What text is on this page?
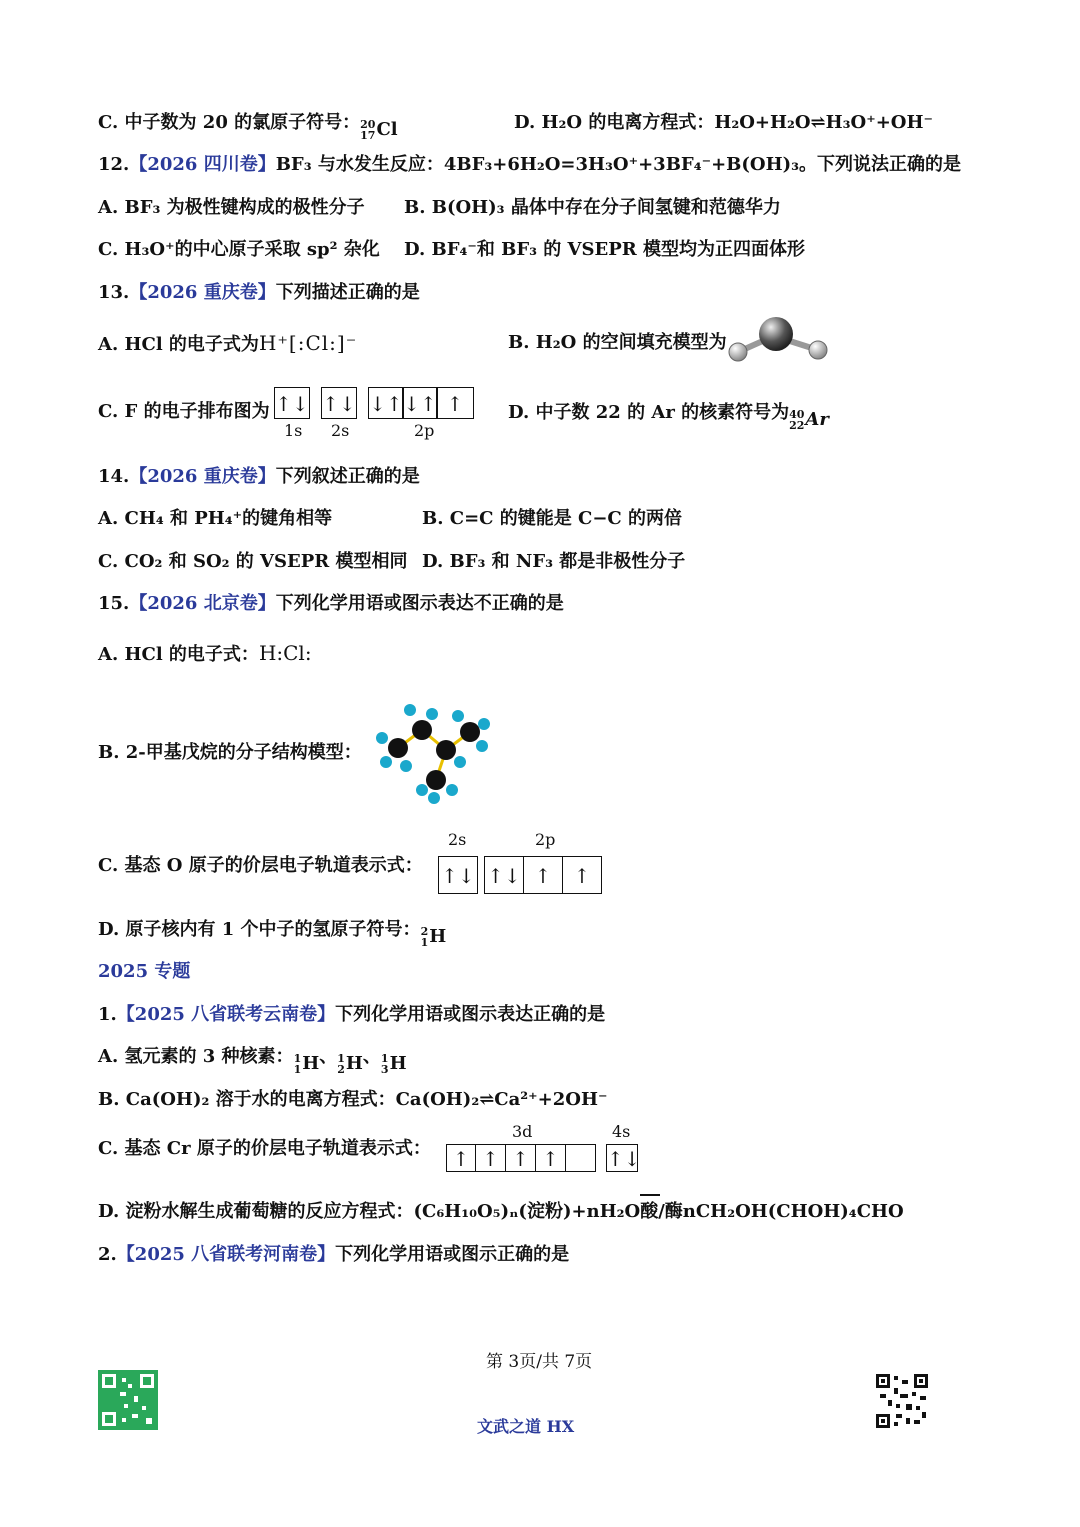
C. 中子数为 20 的氯原子符号： 20
17 Cl	D. H₂O 的电离方程式：H₂O+H₂O⇌H₃O⁺+OH⁻
12.【2026 四川卷】BF₃ 与水发生反应：4BF₃+6H₂O=3H₃O⁺+3BF₄⁻+B(OH)₃。下列说法正确的是
A. BF₃ 为极性键构成的极性分子 B. B(OH)₃ 晶体中存在分子间氢键和范德华力
C. H₃O⁺的中心原子采取 sp² 杂化 D. BF₄⁻和 BF₃ 的 VSEPR 模型均为正四面体形
13.【2026 重庆卷】下列描述正确的是
A. HCl 的电子式为H⁺[:Cl:]⁻	B. H₂O 的空间填充模型为
C. F 的电子排布图为 ↑↓ ↑↓ ↓↑ ↓↑ ↑
1s 2s	2p
D. 中子数 22 的 Ar 的核素符号为 40
22 Ar
14.【2026 重庆卷】下列叙述正确的是
A. CH₄ 和 PH₄⁺的键角相等	B. C=C 的键能是 C−C 的两倍
C. CO₂ 和 SO₂ 的 VSEPR 模型相同 D. BF₃ 和 NF₃ 都是非极性分子
15.【2026 北京卷】下列化学用语或图示表达不正确的是
A. HCl 的电子式：H:Cl:
B. 2-甲基戊烷的分子结构模型：
C. 基态 O 原子的价层电子轨道表示式：
2s	2p
↑↓ ↑↓ ↑	↑
D. 原子核内有 1 个中子的氢原子符号： 2
1 H
2025 专题
1.【2025 八省联考云南卷】下列化学用语或图示表达正确的是
A. 氢元素的 3 种核素： 1
1 H 、 1
2 H 、 1
3 H
B. Ca(OH)₂ 溶于水的电离方程式：Ca(OH)₂⇌Ca²⁺+2OH⁻
C. 基态 Cr 原子的价层电子轨道表示式：
3d	4s
↑ ↑ ↑ ↑	↑↓
D. 淀粉水解生成葡萄糖的反应方程式：(C₆H₁₀O₅)ₙ(淀粉)+nH₂O酸/酶nCH₂OH(CHOH)₄CHO
2.【2025 八省联考河南卷】下列化学用语或图示正确的是
第 3页/共 7页
文武之道 HX
